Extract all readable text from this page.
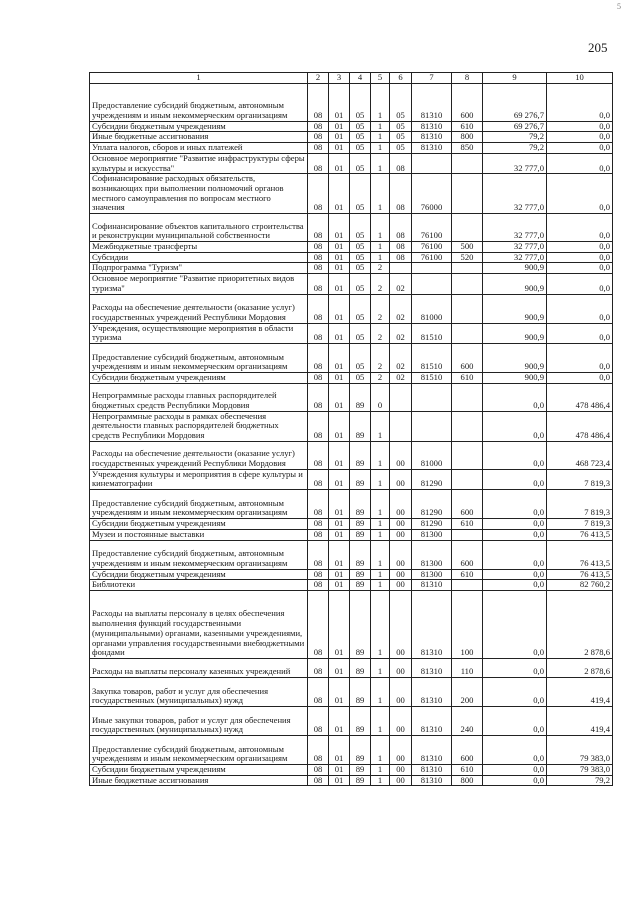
5
205
1	2	3	4	5	6	7	8	9	10
Предоставление субсидий бюджетным, автономным учреждениям и иным некоммерческим организациям	08	01	05	1	05	81310	600	69 276,7	0,0
Субсидии бюджетным учреждениям	08	01	05	1	05	81310	610	69 276,7	0,0
Иные бюджетные ассигнования	08	01	05	1	05	81310	800	79,2	0,0
Уплата налогов, сборов и иных платежей	08	01	05	1	05	81310	850	79,2	0,0
Основное мероприятие "Развитие инфраструктуры сферы культуры и искусства"	08	01	05	1	08			32 777,0	0,0
Софинансирование расходных обязательств, возникающих при выполнении полномочий органов местного самоуправления по вопросам местного значения	08	01	05	1	08	76000		32 777,0	0,0
Софинансирование объектов капитального строительства и реконструкции муниципальной собственности	08	01	05	1	08	76100		32 777,0	0,0
Межбюджетные трансферты	08	01	05	1	08	76100	500	32 777,0	0,0
Субсидии	08	01	05	1	08	76100	520	32 777,0	0,0
Подпрограмма "Туризм"	08	01	05	2				900,9	0,0
Основное мероприятие "Развитие приоритетных видов туризма"	08	01	05	2	02			900,9	0,0
Расходы на обеспечение деятельности (оказание услуг) государственных учреждений Республики Мордовия	08	01	05	2	02	81000		900,9	0,0
Учреждения, осуществляющие мероприятия в области туризма	08	01	05	2	02	81510		900,9	0,0
Предоставление субсидий бюджетным, автономным учреждениям и иным некоммерческим организациям	08	01	05	2	02	81510	600	900,9	0,0
Субсидии бюджетным учреждениям	08	01	05	2	02	81510	610	900,9	0,0
Непрограммные расходы главных распорядителей бюджетных средств Республики Мордовия	08	01	89	0				0,0	478 486,4
Непрограммные расходы в рамках обеспечения деятельности главных распорядителей бюджетных средств Республики Мордовия	08	01	89	1				0,0	478 486,4
Расходы на обеспечение деятельности (оказание услуг) государственных учреждений Республики Мордовия	08	01	89	1	00	81000		0,0	468 723,4
Учреждения культуры и мероприятия в сфере культуры и кинематографии	08	01	89	1	00	81290		0,0	7 819,3
Предоставление субсидий бюджетным, автономным учреждениям и иным некоммерческим организациям	08	01	89	1	00	81290	600	0,0	7 819,3
Субсидии бюджетным учреждениям	08	01	89	1	00	81290	610	0,0	7 819,3
Музеи и постоянные выставки	08	01	89	1	00	81300		0,0	76 413,5
Предоставление субсидий бюджетным, автономным учреждениям и иным некоммерческим организациям	08	01	89	1	00	81300	600	0,0	76 413,5
Субсидии бюджетным учреждениям	08	01	89	1	00	81300	610	0,0	76 413,5
Библиотеки	08	01	89	1	00	81310		0,0	82 760,2
Расходы на выплаты персоналу в целях обеспечения выполнения функций государственными (муниципальными) органами, казенными учреждениями, органами управления государственными внебюджетными фондами	08	01	89	1	00	81310	100	0,0	2 878,6
Расходы на выплаты персоналу казенных учреждений	08	01	89	1	00	81310	110	0,0	2 878,6
Закупка товаров, работ и услуг для обеспечения государственных (муниципальных) нужд	08	01	89	1	00	81310	200	0,0	419,4
Иные закупки товаров, работ и услуг для обеспечения государственных (муниципальных) нужд	08	01	89	1	00	81310	240	0,0	419,4
Предоставление субсидий бюджетным, автономным учреждениям и иным некоммерческим организациям	08	01	89	1	00	81310	600	0,0	79 383,0
Субсидии бюджетным учреждениям	08	01	89	1	00	81310	610	0,0	79 383,0
Иные бюджетные ассигнования	08	01	89	1	00	81310	800	0,0	79,2
